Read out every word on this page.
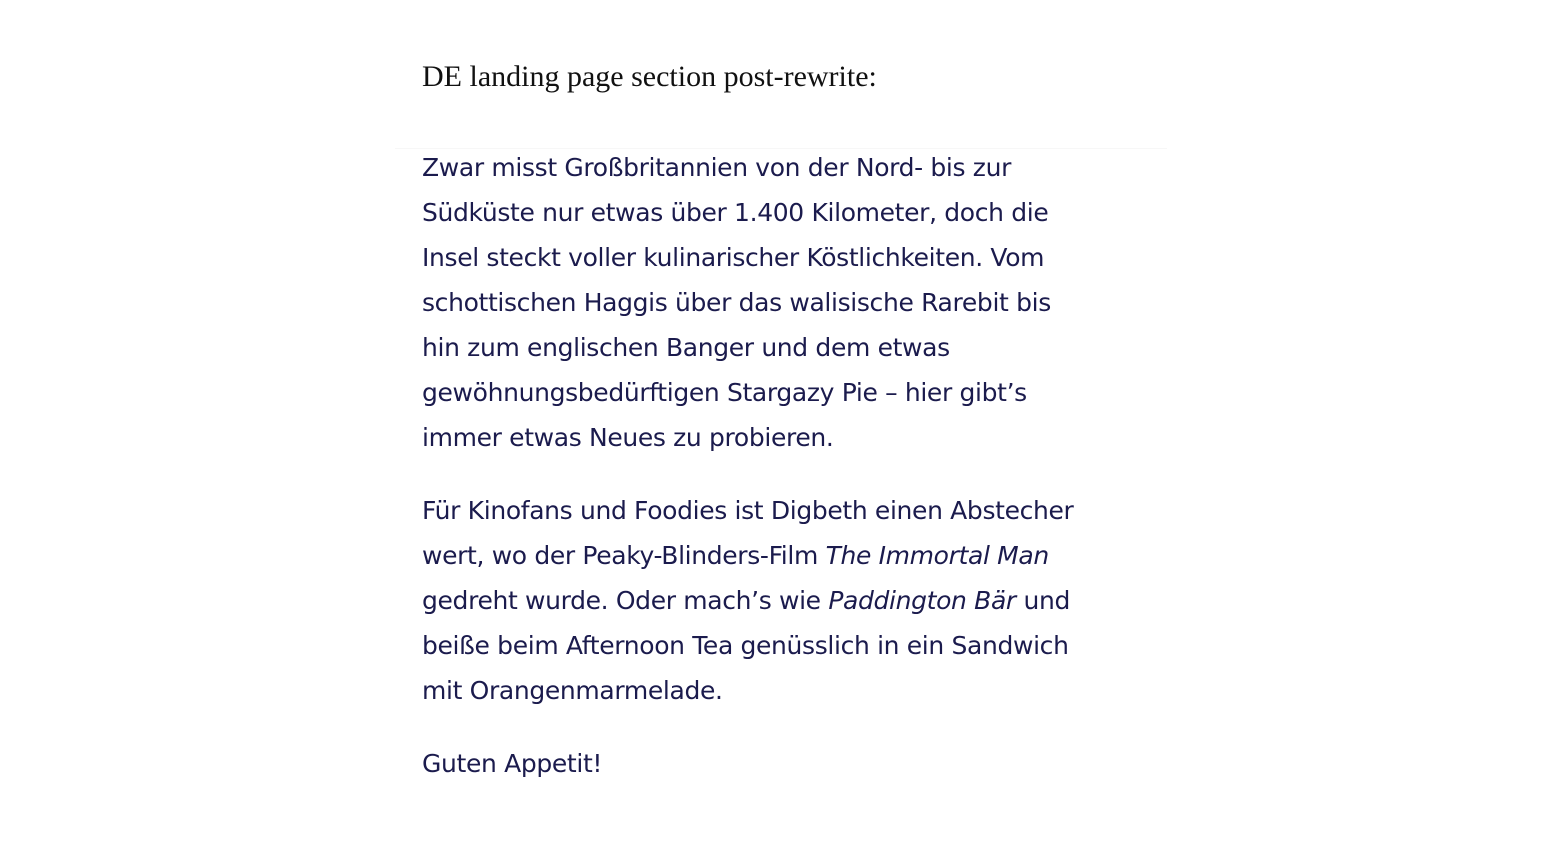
DE landing page section post-rewrite:

Zwar misst Großbritannien von der Nord- bis zur
Südküste nur etwas über 1.400 Kilometer, doch die
Insel steckt voller kulinarischer Köstlichkeiten. Vom
schottischen Haggis über das walisische Rarebit bis
hin zum englischen Banger und dem etwas
gewöhnungsbedürftigen Stargazy Pie – hier gibt’s
immer etwas Neues zu probieren.

Für Kinofans und Foodies ist Digbeth einen Abstecher
wert, wo der Peaky-Blinders-Film The Immortal Man
gedreht wurde. Oder mach’s wie Paddington Bär und
beiße beim Afternoon Tea genüsslich in ein Sandwich
mit Orangenmarmelade.

Guten Appetit!
